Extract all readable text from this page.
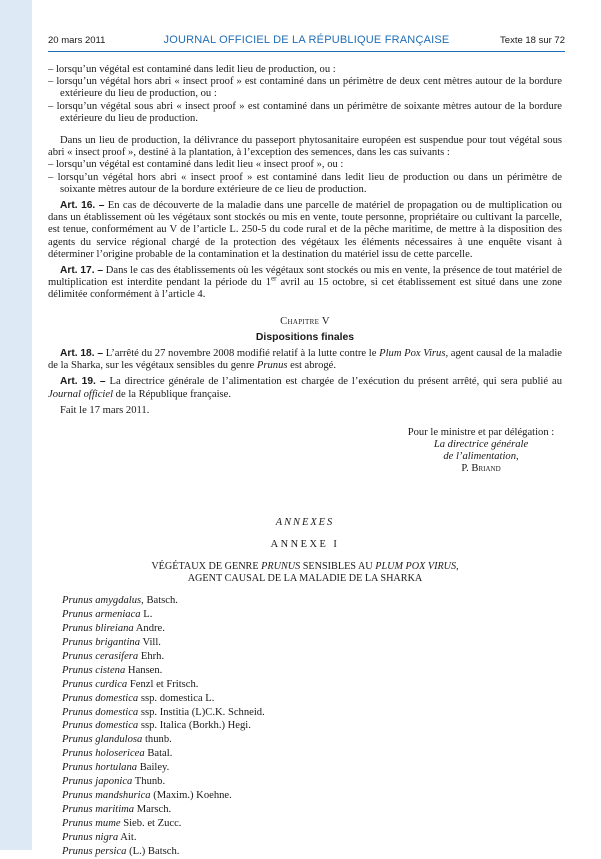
20 mars 2011	JOURNAL OFFICIEL DE LA RÉPUBLIQUE FRANÇAISE	Texte 18 sur 72

– lorsqu’un végétal est contaminé dans ledit lieu de production, ou :

– lorsqu’un végétal hors abri « insect proof » est contaminé dans un périmètre de deux cent mètres autour de la bordure extérieure du lieu de production, ou :

– lorsqu’un végétal sous abri « insect proof » est contaminé dans un périmètre de soixante mètres autour de la bordure extérieure du lieu de production.

Dans un lieu de production, la délivrance du passeport phytosanitaire européen est suspendue pour tout végétal sous abri « insect proof », destiné à la plantation, à l’exception des semences, dans les cas suivants :

– lorsqu’un végétal est contaminé dans ledit lieu « insect proof », ou :

– lorsqu’un végétal hors abri « insect proof » est contaminé dans ledit lieu de production ou dans un périmètre de soixante mètres autour de la bordure extérieure de ce lieu de production.

Art. 16. – En cas de découverte de la maladie dans une parcelle de matériel de propagation ou de multiplication ou dans un établissement où les végétaux sont stockés ou mis en vente, toute personne, propriétaire ou cultivant la parcelle, est tenue, conformément au V de l’article L. 250-5 du code rural et de la pêche maritime, de mettre à la disposition des agents du service régional chargé de la protection des végétaux les éléments nécessaires à une enquête visant à déterminer l’origine probable de la contamination et la destination du matériel issu de cette parcelle.

Art. 17. – Dans le cas des établissements où les végétaux sont stockés ou mis en vente, la présence de tout matériel de multiplication est interdite pendant la période du 1er avril au 15 octobre, si cet établissement est situé dans une zone délimitée conformément à l’article 4.

Chapitre V

Dispositions finales

Art. 18. – L’arrêté du 27 novembre 2008 modifié relatif à la lutte contre le Plum Pox Virus, agent causal de la maladie de la Sharka, sur les végétaux sensibles du genre Prunus est abrogé.

Art. 19. – La directrice générale de l’alimentation est chargée de l’exécution du présent arrêté, qui sera publié au Journal officiel de la République française.

Fait le 17 mars 2011.

Pour le ministre et par délégation :
La directrice générale
de l’alimentation,
P. Briand

ANNEXES

ANNEXE I

VÉGÉTAUX DE GENRE PRUNUS SENSIBLES AU PLUM POX VIRUS,

AGENT CAUSAL DE LA MALADIE DE LA SHARKA

Prunus amygdalus, Batsch.
Prunus armeniaca L.
Prunus blireiana Andre.
Prunus brigantina Vill.
Prunus cerasifera Ehrh.
Prunus cistena Hansen.
Prunus curdica Fenzl et Fritsch.
Prunus domestica ssp. domestica L.
Prunus domestica ssp. Institia (L)C.K. Schneid.
Prunus domestica ssp. Italica (Borkh.) Hegi.
Prunus glandulosa thunb.
Prunus holosericea Batal.
Prunus hortulana Bailey.
Prunus japonica Thunb.
Prunus mandshurica (Maxim.) Koehne.
Prunus maritima Marsch.
Prunus mume Sieb. et Zucc.
Prunus nigra Ait.
Prunus persica (L.) Batsch.
